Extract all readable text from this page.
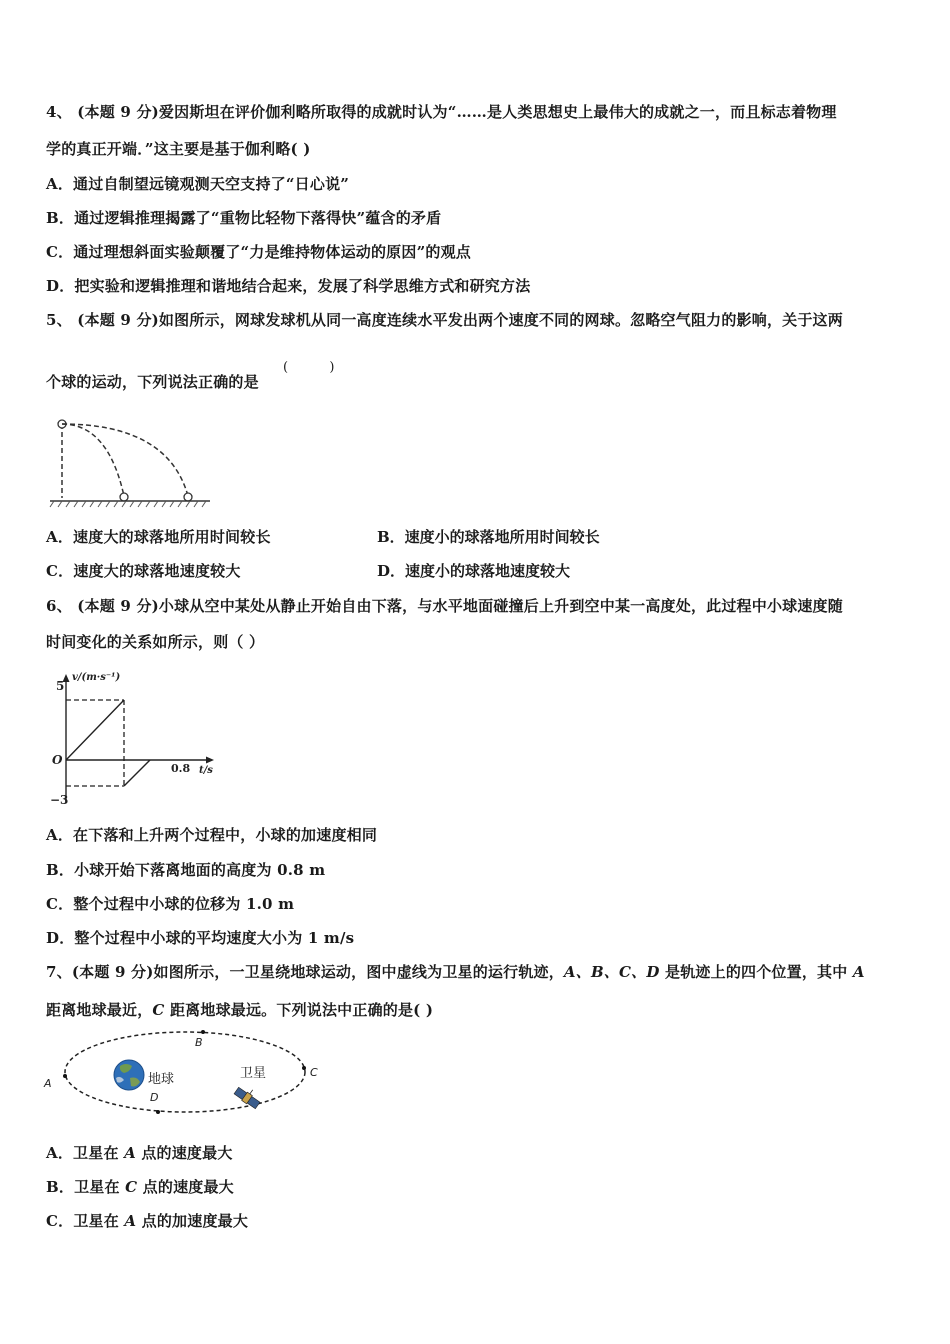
4、 (本题 9 分)爱因斯坦在评价伽利略所取得的成就时认为“……是人类思想史上最伟大的成就之一，而且标志着物理
学的真正开端．”这主要是基于伽利略( )
A．通过自制望远镜观测天空支持了“日心说”
B．通过逻辑推理揭露了“重物比轻物下落得快”蕴含的矛盾
C．通过理想斜面实验颠覆了“力是维持物体运动的原因”的观点
D．把实验和逻辑推理和谐地结合起来，发展了科学思维方式和研究方法
5、 (本题 9 分)如图所示，网球发球机从同一高度连续水平发出两个速度不同的网球。忽略空气阻力的影响，关于这两
个球的运动，下列说法正确的是
(          )
A．速度大的球落地所用时间较长	B．速度小的球落地所用时间较长
C．速度大的球落地速度较大	D．速度小的球落地速度较大
6、 (本题 9 分)小球从空中某处从静止开始自由下落，与水平地面碰撞后上升到空中某一高度处，此过程中小球速度随
时间变化的关系如所示，则（ ）
v/(m·s⁻¹)
t/s
5
−3
O
0.8
A．在下落和上升两个过程中，小球的加速度相同
B．小球开始下落离地面的高度为 0.8 m
C．整个过程中小球的位移为 1.0 m
D．整个过程中小球的平均速度大小为 1 m/s
7、(本题 9 分)如图所示，一卫星绕地球运动，图中虚线为卫星的运行轨迹，A、B、C、D 是轨迹上的四个位置，其中 A
距离地球最近，C 距离地球最远。下列说法中正确的是( )
A
B
C
D
地球	卫星
A．卫星在 A 点的速度最大
B．卫星在 C 点的速度最大
C．卫星在 A 点的加速度最大
